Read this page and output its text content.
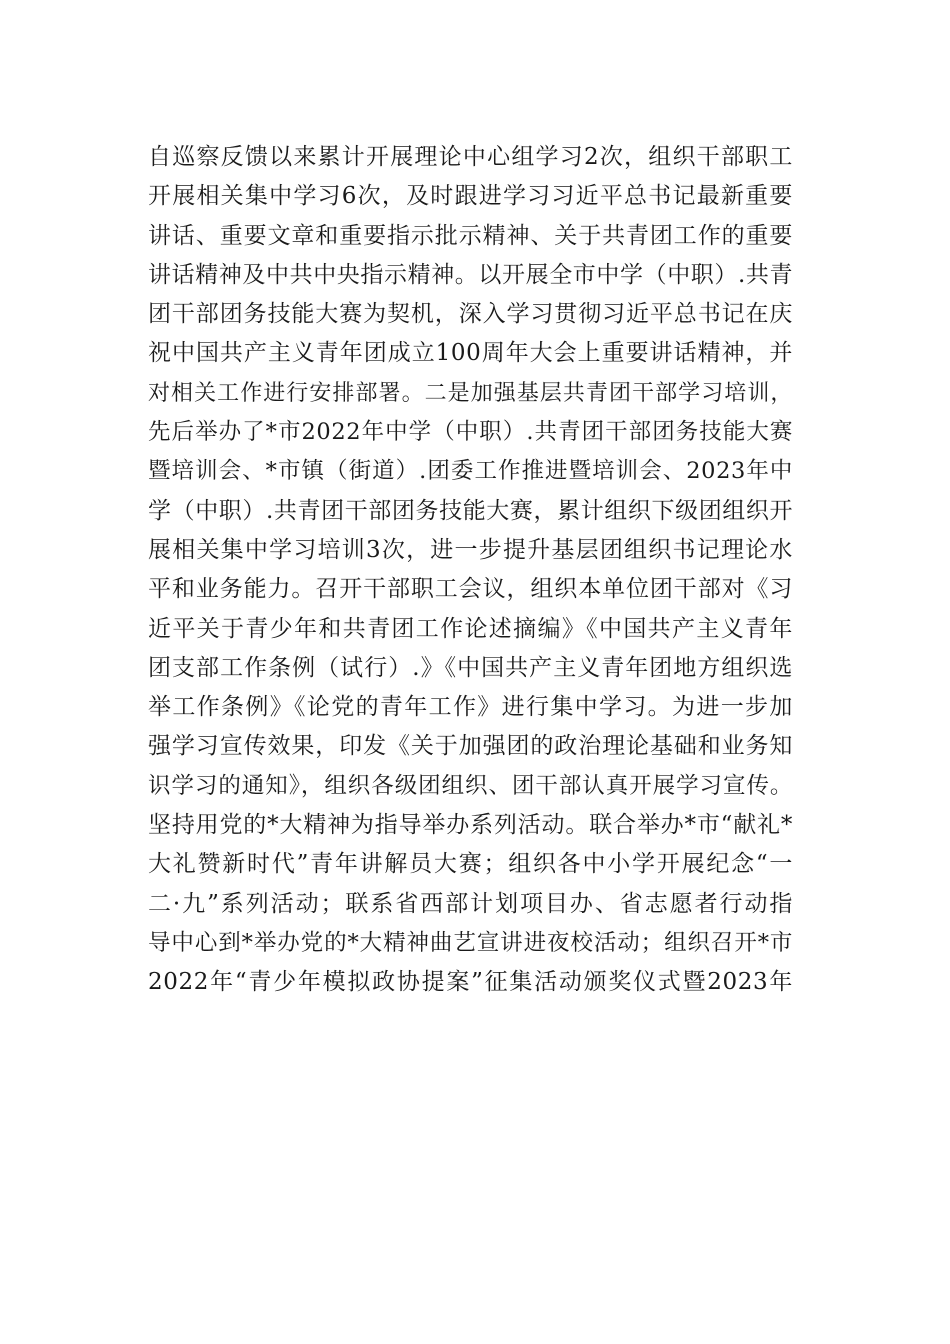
自巡察反馈以来累计开展理论中心组学习2次，组织干部职工
开展相关集中学习6次，及时跟进学习习近平总书记最新重要
讲话、重要文章和重要指示批示精神、关于共青团工作的重要
讲话精神及中共中央指示精神。以开展全市中学（中职）.共青
团干部团务技能大赛为契机，深入学习贯彻习近平总书记在庆
祝中国共产主义青年团成立100周年大会上重要讲话精神，并
对相关工作进行安排部署。二是加强基层共青团干部学习培训，
先后举办了*市2022年中学（中职）.共青团干部团务技能大赛
暨培训会、*市镇（街道）.团委工作推进暨培训会、2023年中
学（中职）.共青团干部团务技能大赛，累计组织下级团组织开
展相关集中学习培训3次，进一步提升基层团组织书记理论水
平和业务能力。召开干部职工会议，组织本单位团干部对《习
近平关于青少年和共青团工作论述摘编》《中国共产主义青年
团支部工作条例（试行）.》《中国共产主义青年团地方组织选
举工作条例》《论党的青年工作》进行集中学习。为进一步加
强学习宣传效果，印发《关于加强团的政治理论基础和业务知
识学习的通知》，组织各级团组织、团干部认真开展学习宣传。
坚持用党的*大精神为指导举办系列活动。联合举办*市“献礼*
大礼赞新时代”青年讲解员大赛；组织各中小学开展纪念“一
二·九”系列活动；联系省西部计划项目办、省志愿者行动指
导中心到*举办党的*大精神曲艺宣讲进夜校活动；组织召开*市
2022年“青少年模拟政协提案”征集活动颁奖仪式暨2023年
